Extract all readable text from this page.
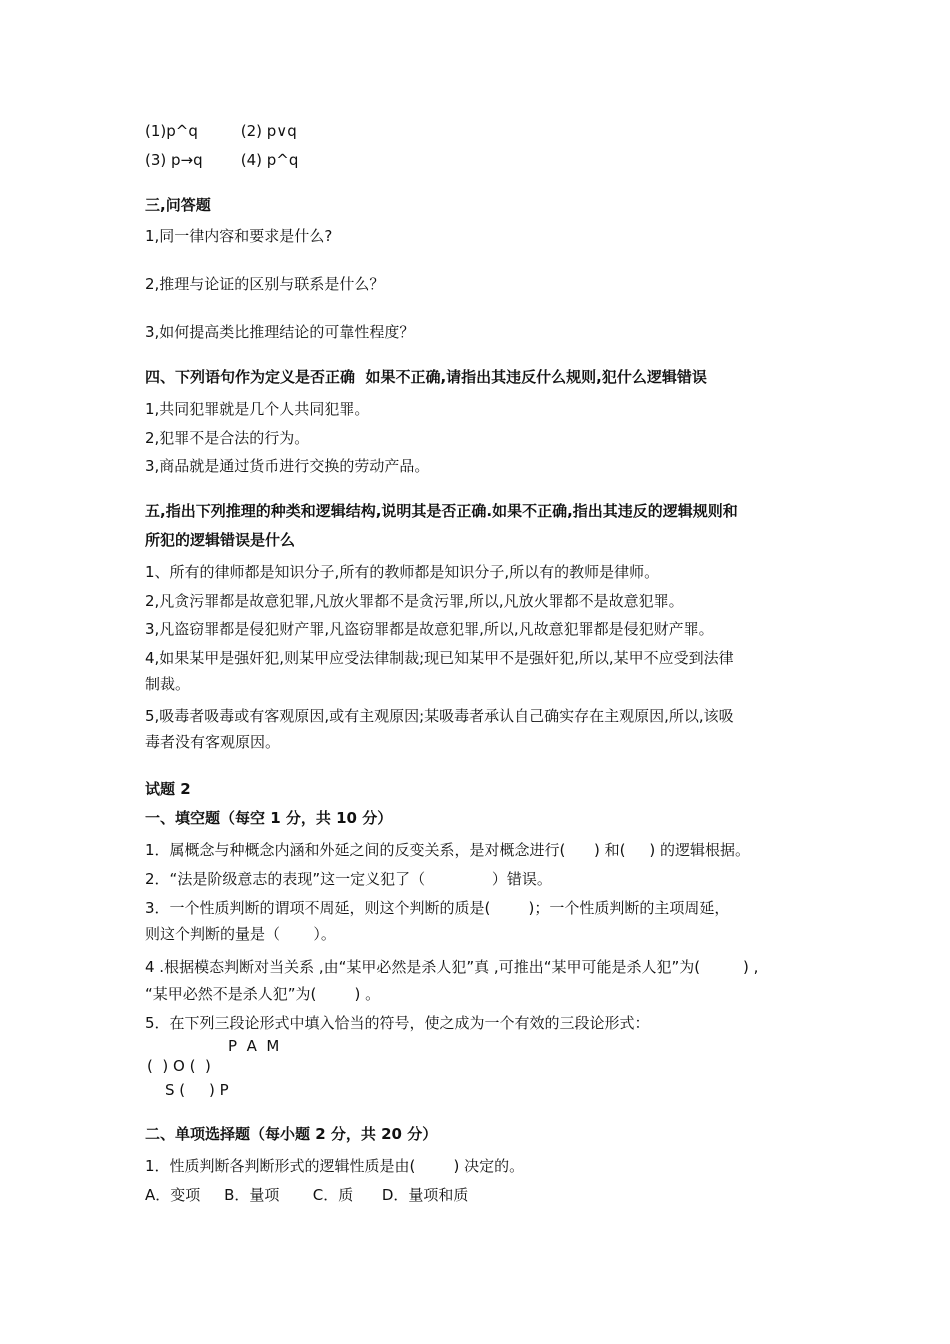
(1)p^q         (2) p∨q

(3) p→q        (4) p^q

三,问答题

1,同一律内容和要求是什么?

2,推理与论证的区别与联系是什么？

3,如何提高类比推理结论的可靠性程度？

四、下列语句作为定义是否正确  如果不正确,请指出其违反什么规则,犯什么逻辑错误

1,共同犯罪就是几个人共同犯罪。

2,犯罪不是合法的行为。

3,商品就是通过货币进行交换的劳动产品。

五,指出下列推理的种类和逻辑结构,说明其是否正确.如果不正确,指出其违反的逻辑规则和

所犯的逻辑错误是什么

1、所有的律师都是知识分子,所有的教师都是知识分子,所以有的教师是律师。

2,凡贪污罪都是故意犯罪,凡放火罪都不是贪污罪,所以,凡放火罪都不是故意犯罪。

3,凡盗窃罪都是侵犯财产罪,凡盗窃罪都是故意犯罪,所以,凡故意犯罪都是侵犯财产罪。

4,如果某甲是强奸犯,则某甲应受法律制裁;现已知某甲不是强奸犯,所以,某甲不应受到法律

制裁。

5,吸毒者吸毒或有客观原因,或有主观原因;某吸毒者承认自己确实存在主观原因,所以,该吸

毒者没有客观原因。

试题 2

一、填空题（每空 1 分，共 10 分）

1．属概念与种概念内涵和外延之间的反变关系，是对概念进行(      ) 和(     ) 的逻辑根据。

2．“法是阶级意志的表现”这一定义犯了（              ）错误。

3．一个性质判断的谓项不周延，则这个判断的质是(        )；一个性质判断的主项周延，

则这个判断的量是（       ）。

4 .根据模态判断对当关系 ,由“某甲必然是杀人犯”真 ,可推出“某甲可能是杀人犯”为(         ) ,

“某甲必然不是杀人犯”为(        ) 。

5．在下列三段论形式中填入恰当的符号，使之成为一个有效的三段论形式：

P  A  M

(  ) O (  )

S (     ) P

二、单项选择题（每小题 2 分，共 20 分）

1．性质判断各判断形式的逻辑性质是由(        ) 决定的。

A．变项     B．量项       C．质      D．量项和质
